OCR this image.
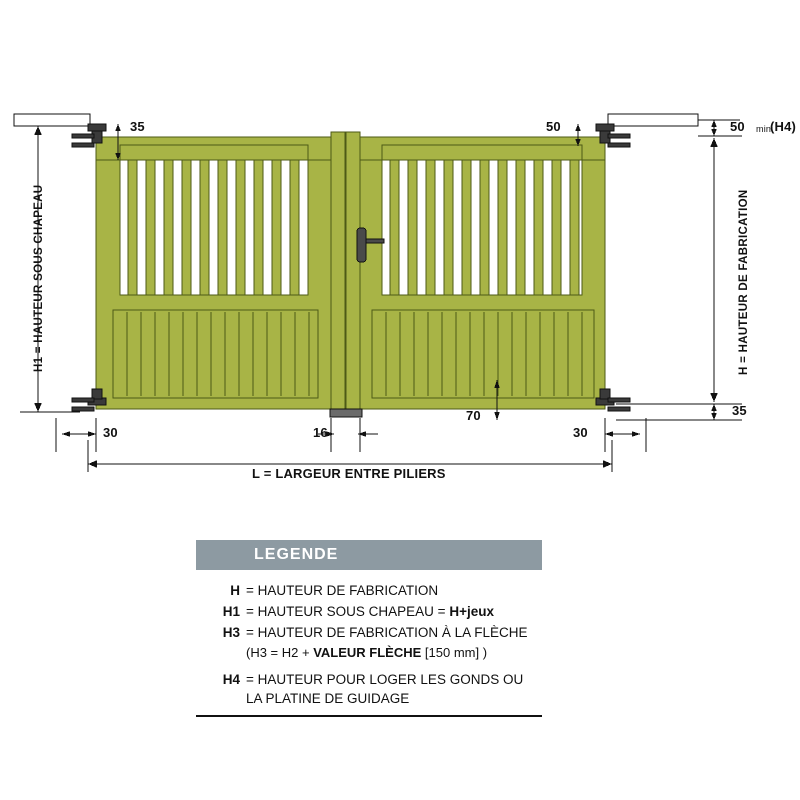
35	50	50 mini
(H4)
35
30	16	30
70
L = LARGEUR ENTRE PILIERS
H1 = HAUTEUR SOUS CHAPEAU	H = HAUTEUR DE FABRICATION
LEGENDE
H = HAUTEUR DE FABRICATION
H1 = HAUTEUR SOUS CHAPEAU = H+jeux
H3 = HAUTEUR DE FABRICATION À LA FLÈCHE
(H3 = H2 + VALEUR FLÈCHE [150 mm] )
H4 = HAUTEUR POUR LOGER LES GONDS OU
LA PLATINE DE GUIDAGE
